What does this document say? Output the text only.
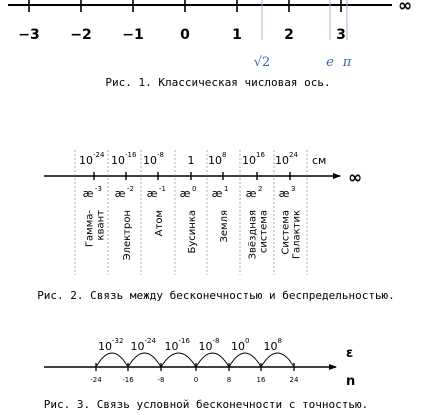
−3 −2 −1	0	1	2	3
√2	e π
∞
Рис. 1. Классическая числовая ось.
10 -24 10 -16 10 -8 1 10 8 10 16 10 24 см
∞
æ -3 æ -2 æ -1 æ 0 æ 1 æ 2 æ 3
Гамма- квант Электрон Атом Бусинка Земля Звёздная система Система Галактик
Рис. 2. Связь между бесконечностью и беспредельностью.
10 -32 10 -24 10 -16 10 -8 10 0 10 8
-24	-16	-8	0	8	16	24
ε
n
Рис. 3. Связь условной бесконечности с точностью.
